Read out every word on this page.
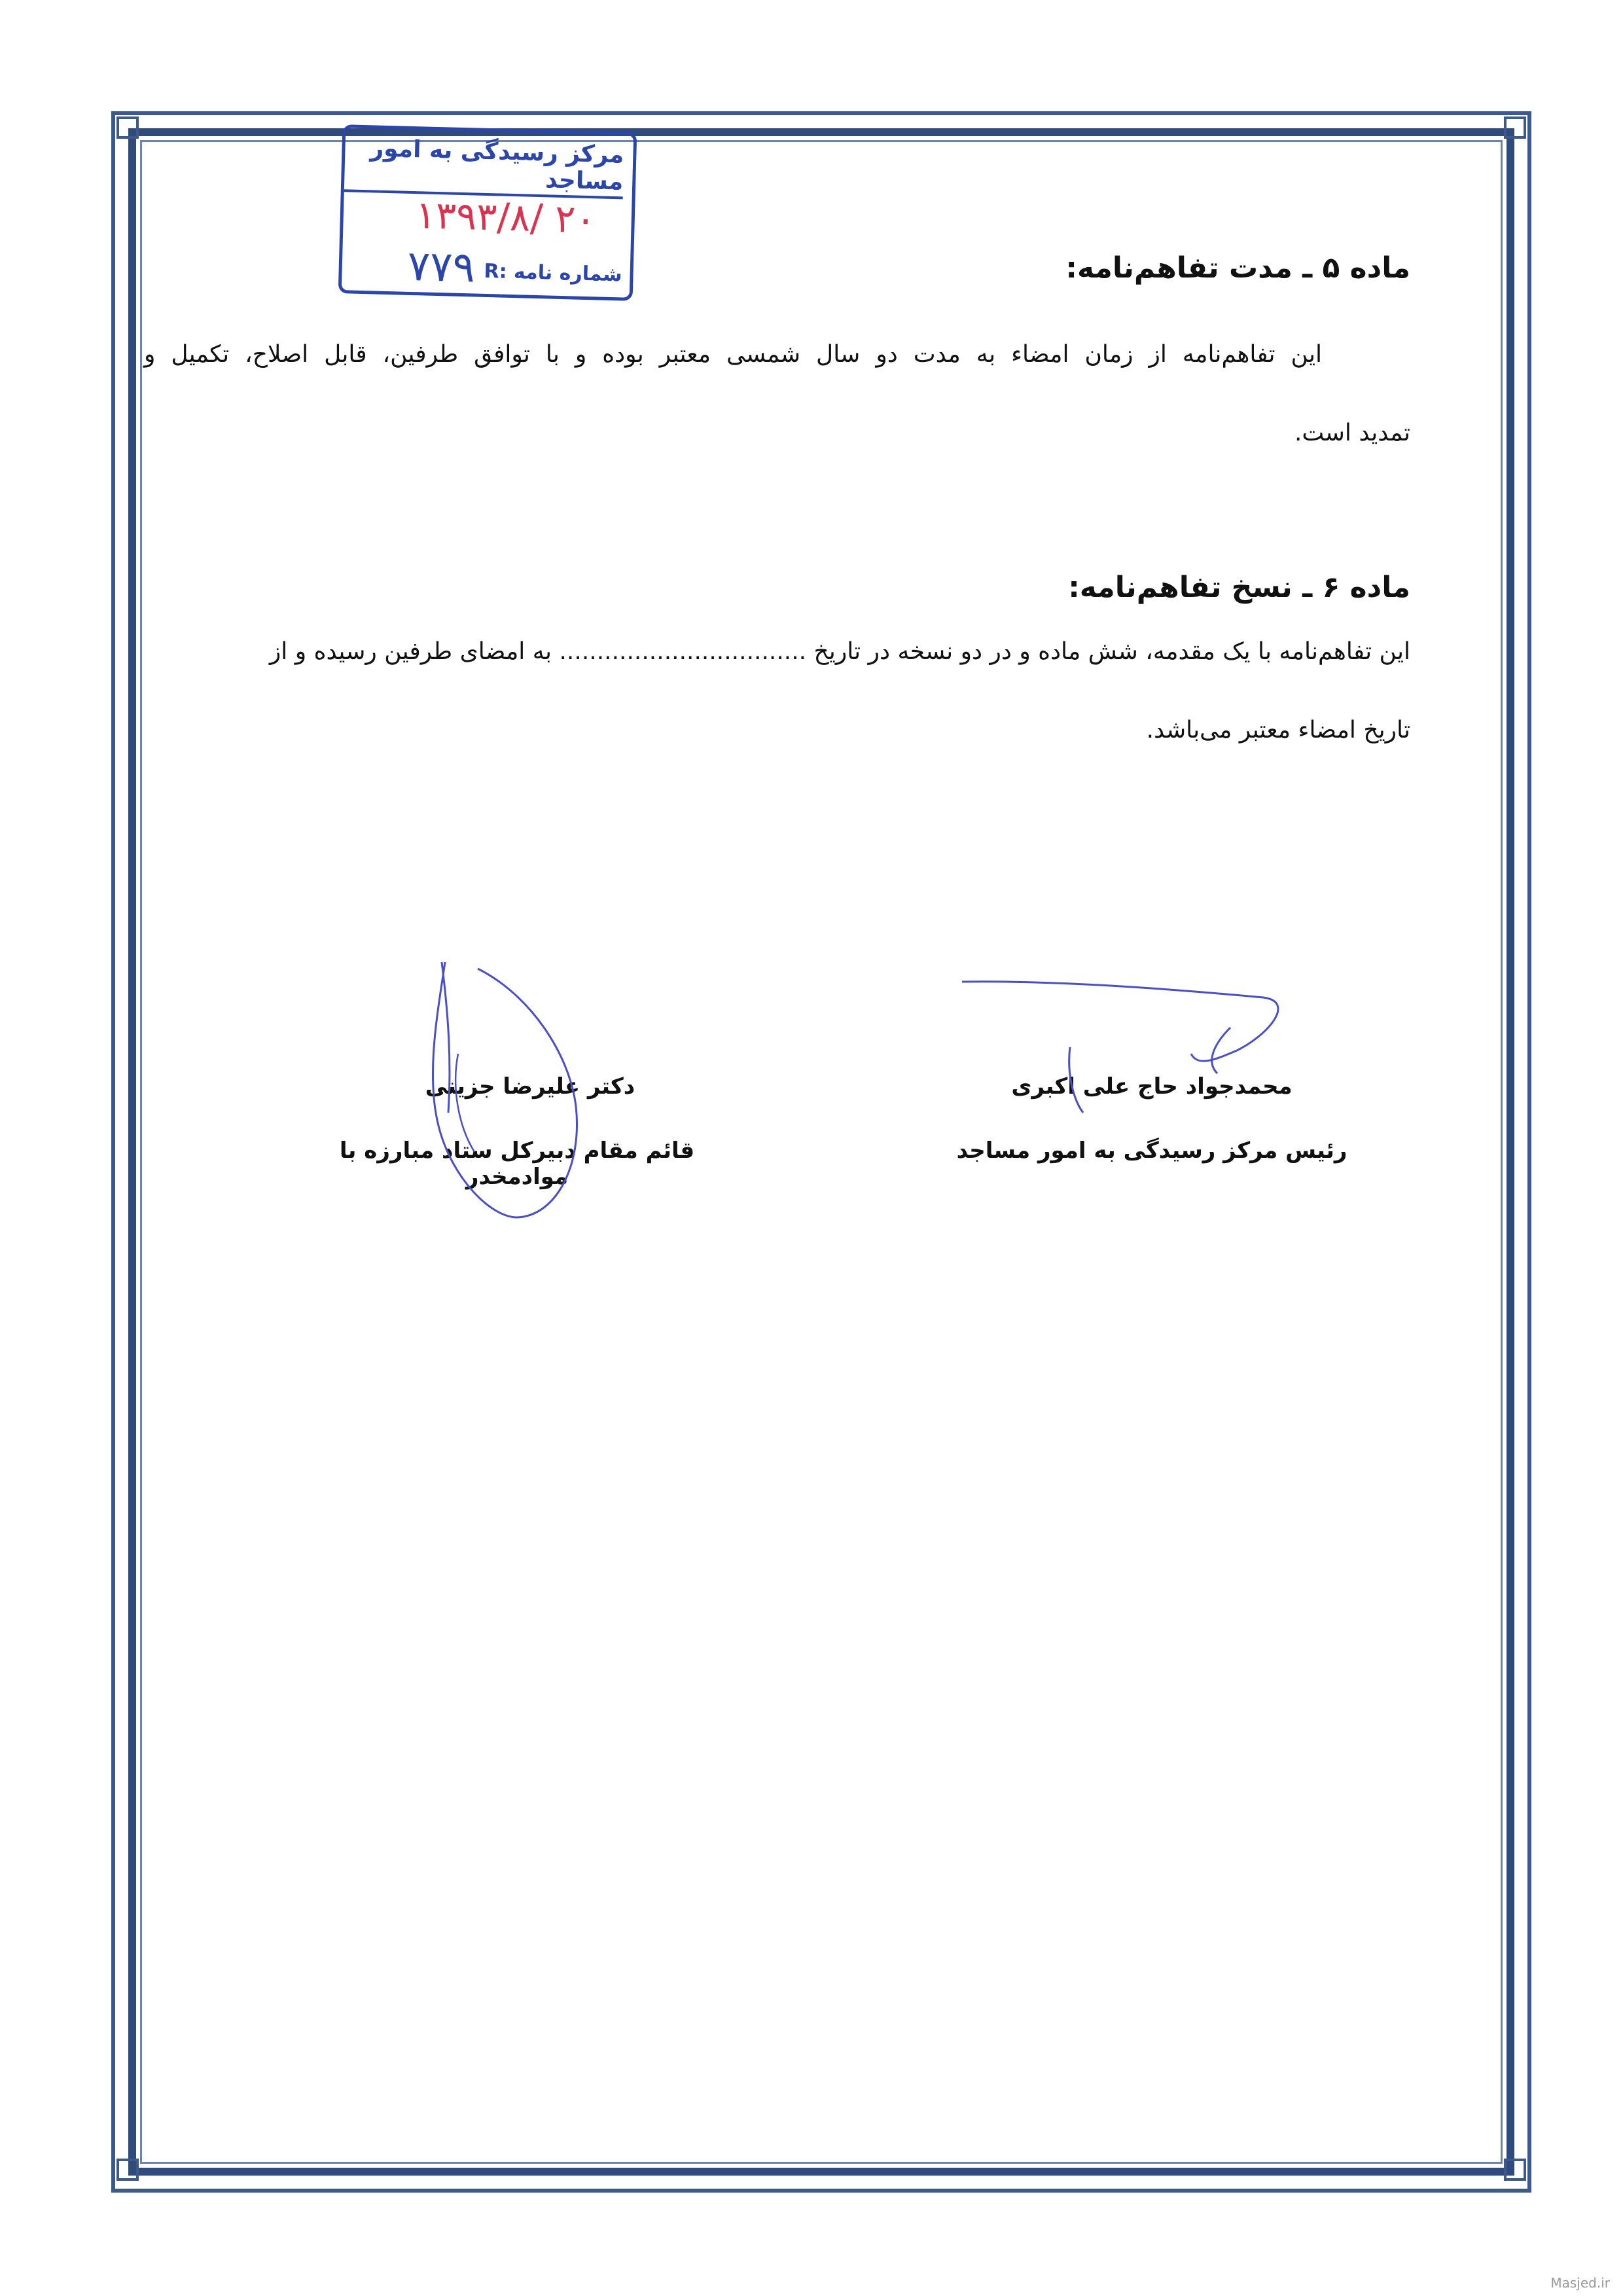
مرکز رسیدگی به امور مساجد
۱۳۹۳/۸/ ۲۰
شماره نامه :R
۷۷۹	ماده ۵ ـ مدت تفاهم‌نامه:
این تفاهم‌نامه از زمان امضاء به مدت دو سال شمسی معتبر بوده و با توافق طرفین، قابل اصلاح، تکمیل و
تمدید است.
ماده ۶ ـ نسخ تفاهم‌نامه:
این تفاهم‌نامه با یک مقدمه، شش ماده و در دو نسخه در تاریخ ................................. به امضای طرفین رسیده و از
تاریخ امضاء معتبر می‌باشد.
محمدجواد حاج علی اکبری
رئیس مرکز رسیدگی به امور مساجد
دکتر علیرضا جزینی
قائم مقام دبیرکل ستاد مبارزه با موادمخدر
Masjed.ir
